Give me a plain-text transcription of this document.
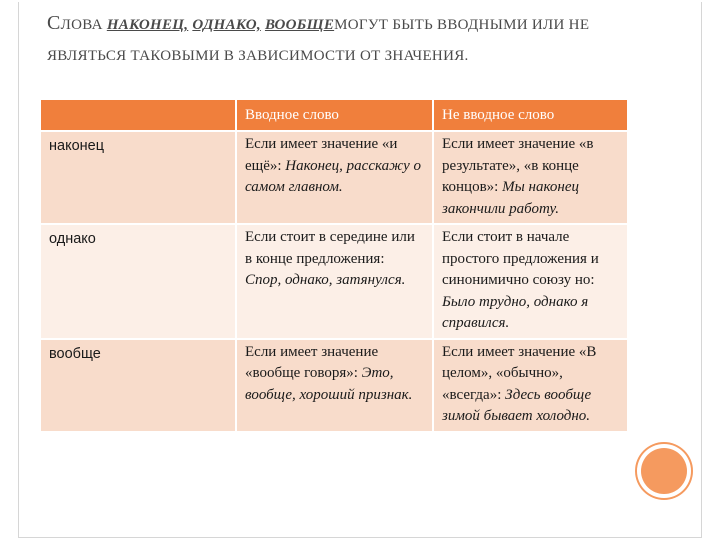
СЛОВА НАКОНЕЦ, ОДНАКО, ВООБЩЕМОГУТ БЫТЬ ВВОДНЫМИ ИЛИ НЕ ЯВЛЯТЬСЯ ТАКОВЫМИ В ЗАВИСИМОСТИ ОТ ЗНАЧЕНИЯ.
	Вводное слово	Не вводное слово
наконец	Если имеет значение «и ещё»: Наконец, расскажу о самом главном.	Если имеет значение «в результате», «в конце концов»: Мы наконец закончили работу.
однако	Если стоит в середине или в конце предложения: Спор, однако, затянулся.	Если стоит в начале простого предложения и синонимично союзу но: Было трудно, однако я справился.
вообще	Если имеет значение «вообще говоря»: Это, вообще, хороший признак.	Если имеет значение «В целом», «обычно», «всегда»: Здесь вообще зимой бывает холодно.
